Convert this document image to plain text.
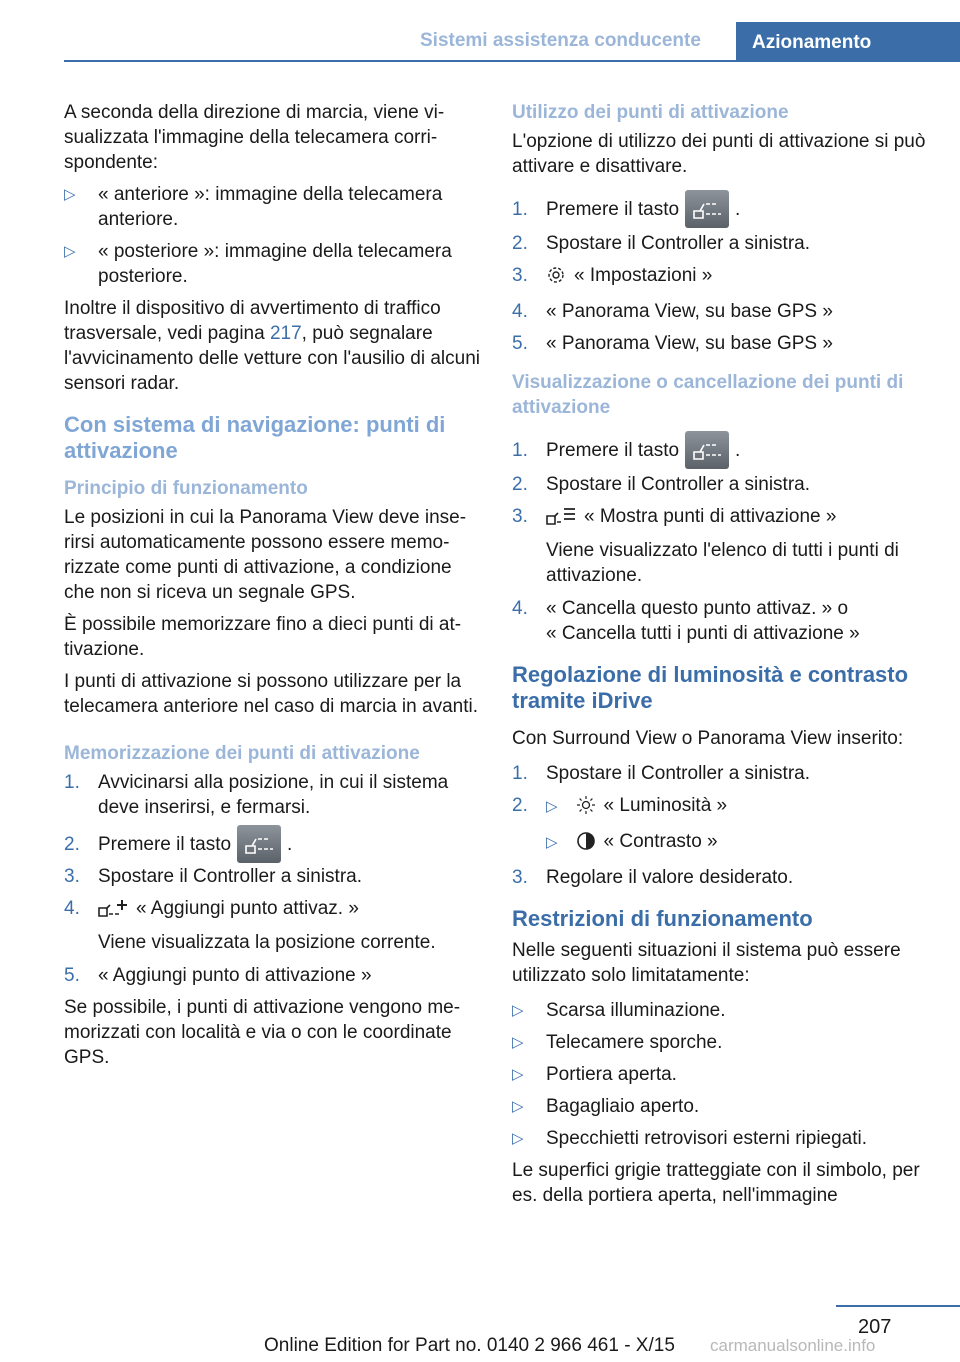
Sistemi assistenza conducente	Azionamento

A seconda della direzione di marcia, viene visualizzata l'immagine della telecamera corrispondente:

▷ « anteriore »: immagine della telecamera anteriore.
▷ « posteriore »: immagine della telecamera posteriore.

Inoltre il dispositivo di avvertimento di traffico trasversale, vedi pagina 217, può segnalare l'avvicinamento delle vetture con l'ausilio di alcuni sensori radar.

Con sistema di navigazione: punti di attivazione
Principio di funzionamento

Le posizioni in cui la Panorama View deve inserirsi automaticamente possono essere memorizzate come punti di attivazione, a condizione che non si riceva un segnale GPS.

È possibile memorizzare fino a dieci punti di attivazione.

I punti di attivazione si possono utilizzare per la telecamera anteriore nel caso di marcia in avanti.

Memorizzazione dei punti di attivazione
1. Avvicinarsi alla posizione, in cui il sistema deve inserirsi, e fermarsi.
2. Premere il tasto	.
3. Spostare il Controller a sinistra.
4.	« Aggiungi punto attivaz. »
Viene visualizzata la posizione corrente.
5. « Aggiungi punto di attivazione »

Se possibile, i punti di attivazione vengono memorizzati con località e via o con le coordinate GPS.

Utilizzo dei punti di attivazione

L'opzione di utilizzo dei punti di attivazione si può attivare e disattivare.

1. Premere il tasto	.
2. Spostare il Controller a sinistra.
3. « Impostazioni »
4. « Panorama View, su base GPS »
5. « Panorama View, su base GPS »
Visualizzazione o cancellazione dei punti di attivazione
1. Premere il tasto	.
2. Spostare il Controller a sinistra.
3.	« Mostra punti di attivazione »
Viene visualizzato l'elenco di tutti i punti di attivazione.
4. « Cancella questo punto attivaz. » o
« Cancella tutti i punti di attivazione »
Regolazione di luminosità e contrasto tramite iDrive

Con Surround View o Panorama View inserito:

1. Spostare il Controller a sinistra.
2. ▷ « Luminosità »
▷ « Contrasto »
3. Regolare il valore desiderato.
Restrizioni di funzionamento

Nelle seguenti situazioni il sistema può essere utilizzato solo limitatamente:

▷ Scarsa illuminazione.
▷ Telecamere sporche.
▷ Portiera aperta.
▷ Bagagliaio aperto.
▷ Specchietti retrovisori esterni ripiegati.

Le superfici grigie tratteggiate con il simbolo, per es. della portiera aperta, nell'immagine

207
Online Edition for Part no. 0140 2 966 461 - X/15 carmanualsonline.info
